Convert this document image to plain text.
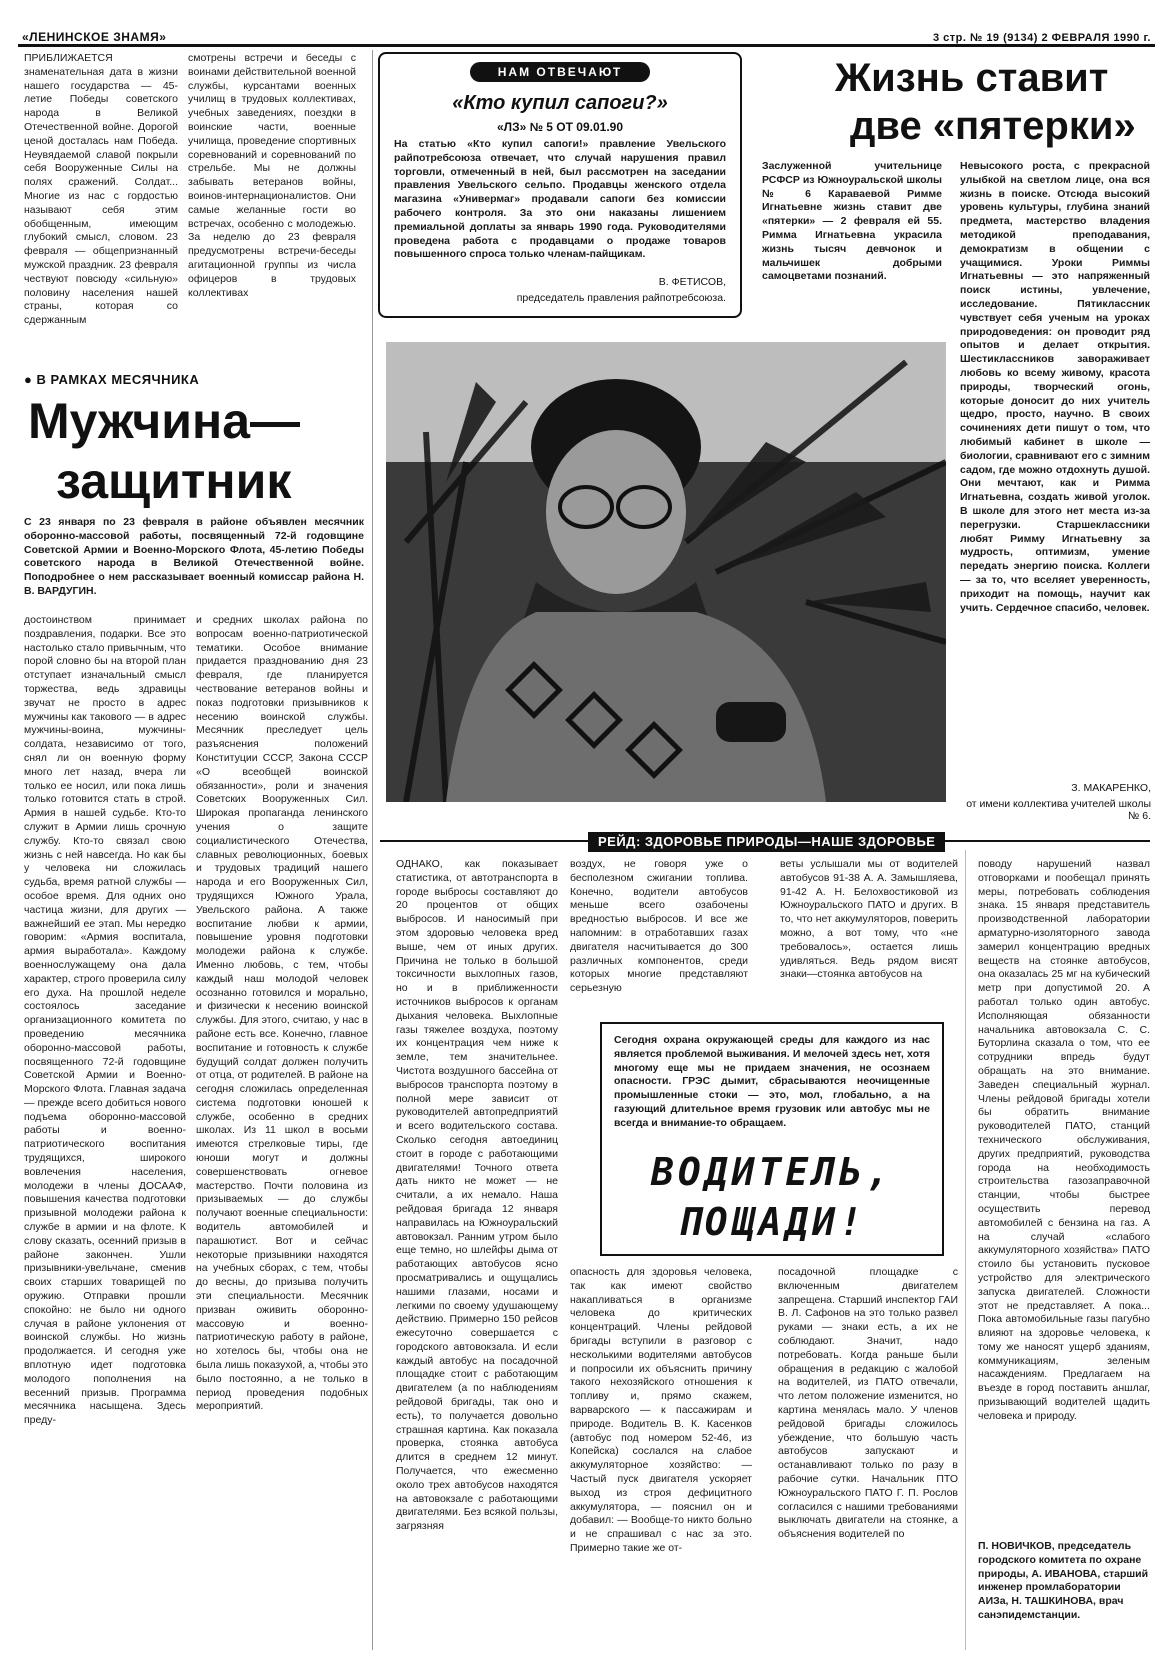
«ЛЕНИНСКОЕ ЗНАМЯ»	3 стр. № 19 (9134) 2 ФЕВРАЛЯ 1990 г.
ПРИБЛИЖАЕТСЯ знаменательная дата в жизни нашего государства — 45-летие Победы советского народа в Великой Отечественной войне. Дорогой ценой досталась нам Победа. Неувядаемой славой покрыли себя Вооруженные Силы на полях сражений. Солдат... Многие из нас с гордостью называют себя этим обобщенным, имеющим глубокий смысл, словом. 23 февраля — общепризнанный мужской праздник. 23 февраля чествуют повсюду «сильную» половину населения нашей страны, которая со сдержанным
смотрены встречи и беседы с воинами действительной военной службы, курсантами военных училищ в трудовых коллективах, учебных заведениях, поездки в воинские части, военные училища, проведение спортивных соревнований и соревнований по стрельбе. Мы не должны забывать ветеранов войны, воинов-интернационалистов. Они самые желанные гости во встречах, особенно с молодежью. За неделю до 23 февраля предусмотрены встречи-беседы агитационной группы из числа офицеров в трудовых коллективах
НАМ ОТВЕЧАЮТ
«Кто купил сапоги?»
«ЛЗ» № 5 ОТ 09.01.90
На статью «Кто купил сапоги!» правление Увельского райпотребсоюза отвечает, что случай нарушения правил торговли, отмеченный в ней, был рассмотрен на заседании правления Увельского сельпо. Продавцы женского отдела магазина «Универмаг» продавали сапоги без комиссии рабочего контроля. За это они наказаны лишением премиальной доплаты за январь 1990 года. Руководителями проведена работа с продавцами о продаже товаров повышенного спроса только членам-пайщикам.
В. ФЕТИСОВ,
председатель правления райпотребсоюза.
Жизнь ставит
две «пятерки»
Заслуженной учительнице РСФСР из Южноуральской школы № 6 Караваевой Римме Игнатьевне жизнь ставит две «пятерки» — 2 февраля ей 55. Римма Игнатьевна украсила жизнь тысяч девчонок и мальчишек добрыми самоцветами познаний.
Невысокого роста, с прекрасной улыбкой на светлом лице, она вся жизнь в поиске. Отсюда высокий уровень культуры, глубина знаний предмета, мастерство владения методикой преподавания, демократизм в общении с учащимися. Уроки Риммы Игнатьевны — это напряженный поиск истины, увлечение, исследование. Пятиклассник чувствует себя ученым на уроках природоведения: он проводит ряд опытов и делает открытия. Шестиклассников завораживает любовь ко всему живому, красота природы, творческий огонь, которые доносит до них учитель щедро, просто, научно. В своих сочинениях дети пишут о том, что любимый кабинет в школе — биологии, сравнивают его с зимним садом, где можно отдохнуть душой. Они мечтают, как и Римма Игнатьевна, создать живой уголок. В школе для этого нет места из-за перегрузки. Старшеклассники любят Римму Игнатьевну за мудрость, оптимизм, умение передать энергию поиска. Коллеги — за то, что вселяет уверенность, приходит на помощь, научит как учить. Сердечное спасибо, человек.
З. МАКАРЕНКО,
от имени коллектива учителей школы № 6.
● В РАМКАХ МЕСЯЧНИКА
Мужчина—
защитник
С 23 января по 23 февраля в районе объявлен месячник оборонно-массовой работы, посвященный 72-й годовщине Советской Армии и Военно-Морского Флота, 45-летию Победы советского народа в Великой Отечественной войне. Поподробнее о нем рассказывает военный комиссар района Н. В. ВАРДУГИН.
достоинством принимает поздравления, подарки. Все это настолько стало привычным, что порой словно бы на второй план отступает изначальный смысл торжества, ведь здравицы звучат не просто в адрес мужчины как такового — в адрес мужчины-воина, мужчины-солдата, независимо от того, снял ли он военную форму много лет назад, вчера ли только ее носил, или пока лишь только готовится стать в строй. Армия в нашей судьбе. Кто-то служит в Армии лишь срочную службу. Кто-то связал свою жизнь с ней навсегда. Но как бы у человека ни сложилась судьба, время ратной службы — особое время. Для одних оно частица жизни, для других — важнейший ее этап. Мы нередко говорим: «Армия воспитала, армия выработала». Каждому военнослужащему она дала характер, строго проверила силу его духа. На прошлой неделе состоялось заседание организационного комитета по проведению месячника оборонно-массовой работы, посвященного 72-й годовщине Советской Армии и Военно-Морского Флота. Главная задача — прежде всего добиться нового подъема оборонно-массовой работы и военно-патриотического воспитания трудящихся, широкого вовлечения населения, молодежи в члены ДОСААФ, повышения качества подготовки призывной молодежи района к службе в армии и на флоте. К слову сказать, осенний призыв в районе закончен. Ушли призывники-увельчане, сменив своих старших товарищей по оружию. Отправки прошли спокойно: не было ни одного случая в районе уклонения от воинской службы. Но жизнь продолжается. И сегодня уже вплотную идет подготовка молодого пополнения на весенний призыв. Программа месячника насыщена. Здесь преду-
и средних школах района по вопросам военно-патриотической тематики. Особое внимание придается празднованию дня 23 февраля, где планируется чествование ветеранов войны и показ подготовки призывников к несению воинской службы. Месячник преследует цель разъяснения положений Конституции СССР, Закона СССР «О всеобщей воинской обязанности», роли и значения Советских Вооруженных Сил. Широкая пропаганда ленинского учения о защите социалистического Отечества, славных революционных, боевых и трудовых традиций нашего народа и его Вооруженных Сил, трудящихся Южного Урала, Увельского района. А также воспитание любви к армии, повышение уровня подготовки молодежи района к службе. Именно любовь, с тем, чтобы каждый наш молодой человек осознанно готовился и морально, и физически к несению воинской службы. Для этого, считаю, у нас в районе есть все. Конечно, главное воспитание и готовность к службе будущий солдат должен получить от отца, от родителей. В районе на сегодня сложилась определенная система подготовки юношей к службе, особенно в средних школах. Из 11 школ в восьми имеются стрелковые тиры, где юноши могут и должны совершенствовать огневое мастерство. Почти половина из призываемых — до службы получают военные специальности: водитель автомобилей и парашютист. Вот и сейчас некоторые призывники находятся на учебных сборах, с тем, чтобы до весны, до призыва получить эти специальности. Месячник призван оживить оборонно-массовую и военно-патриотическую работу в районе, но хотелось бы, чтобы она не была лишь показухой, а, чтобы это было постоянно, а не только в период проведения подобных мероприятий.
РЕЙД: ЗДОРОВЬЕ ПРИРОДЫ—НАШЕ ЗДОРОВЬЕ
ОДНАКО, как показывает статистика, от автотранспорта в городе выбросы составляют до 20 процентов от общих выбросов. И наносимый при этом здоровью человека вред выше, чем от иных других. Причина не только в большой токсичности выхлопных газов, но и в приближенности источников выбросов к органам дыхания человека. Выхлопные газы тяжелее воздуха, поэтому их концентрация чем ниже к земле, тем значительнее. Чистота воздушного бассейна от выбросов транспорта поэтому в полной мере зависит от руководителей автопредприятий и всего водительского состава. Сколько сегодня автоединиц стоит в городе с работающими двигателями! Точного ответа дать никто не может — не считали, а их немало. Наша рейдовая бригада 12 января направилась на Южноуральский автовокзал. Ранним утром было еще темно, но шлейфы дыма от работающих автобусов ясно просматривались и ощущались нашими глазами, носами и легкими по своему удушающему действию. Примерно 150 рейсов ежесуточно совершается с городского автовокзала. И если каждый автобус на посадочной площадке стоит с работающим двигателем (а по наблюдениям рейдовой бригады, так оно и есть), то получается довольно страшная картина. Как показала проверка, стоянка автобуса длится в среднем 12 минут. Получается, что ежесменно около трех автобусов находятся на автовокзале с работающими двигателями. Без всякой пользы, загрязняя
воздух, не говоря уже о бесполезном сжигании топлива. Конечно, водители автобусов меньше всего озабочены вредностью выбросов. И все же напомним: в отработавших газах двигателя насчитывается до 300 различных компонентов, среди которых многие представляют серьезную
веты услышали мы от водителей автобусов 91-38 А. А. Замышляева, 91-42 А. Н. Белохвостиковой из Южноуральского ПАТО и других. В то, что нет аккумуляторов, поверить можно, а вот тому, что «не требовалось», остается лишь удивляться. Ведь рядом висят знаки—стоянка автобусов на
поводу нарушений назвал отговорками и пообещал принять меры, потребовать соблюдения знака. 15 января представитель производственной лаборатории арматурно-изоляторного завода замерил концентрацию вредных веществ на стоянке автобусов, она оказалась 25 мг на кубический метр при допустимой 20. А работал только один автобус. Исполняющая обязанности начальника автовокзала С. С. Буторлина сказала о том, что ее сотрудники впредь будут обращать на это внимание. Заведен специальный журнал. Члены рейдовой бригады хотели бы обратить внимание руководителей ПАТО, станций технического обслуживания, других предприятий, руководства города на необходимость строительства газозаправочной станции, чтобы быстрее осуществить перевод автомобилей с бензина на газ. А на случай «слабого аккумуляторного хозяйства» ПАТО стоило бы установить пусковое устройство для электрического запуска двигателей. Сложности этот не представляет. А пока... Пока автомобильные газы пагубно влияют на здоровье человека, к тому же наносят ущерб зданиям, коммуникациям, зеленым насаждениям. Предлагаем на въезде в город поставить аншлаг, призывающий водителей щадить человека и природу.
Сегодня охрана окружающей среды для каждого из нас является проблемой выживания. И мелочей здесь нет, хотя многому еще мы не придаем значения, не осознаем опасности. ГРЭС дымит, сбрасываются неочищенные промышленные стоки — это, мол, глобально, а на газующий длительное время грузовик или автобус мы не всегда и внимание-то обращаем.
ВОДИТЕЛЬ,
ПОЩАДИ!
опасность для здоровья человека, так как имеют свойство накапливаться в организме человека до критических концентраций. Члены рейдовой бригады вступили в разговор с несколькими водителями автобусов и попросили их объяснить причину такого нехозяйского отношения к топливу и, прямо скажем, варварского — к пассажирам и природе. Водитель В. К. Касенков (автобус под номером 52-46, из Копейска) сослался на слабое аккумуляторное хозяйство: — Частый пуск двигателя ускоряет выход из строя дефицитного аккумулятора, — пояснил он и добавил: — Вообще-то никто больно и не спрашивал с нас за это. Примерно такие же от-
посадочной площадке с включенным двигателем запрещена. Старший инспектор ГАИ В. Л. Сафонов на это только развел руками — знаки есть, а их не соблюдают. Значит, надо потребовать. Когда раньше были обращения в редакцию с жалобой на водителей, из ПАТО отвечали, что летом положение изменится, но картина менялась мало. У членов рейдовой бригады сложилось убеждение, что большую часть автобусов запускают и останавливают только по разу в рабочие сутки. Начальник ПТО Южноуральского ПАТО Г. П. Рослов согласился с нашими требованиями выключать двигатели на стоянке, а объяснения водителей по
П. НОВИЧКОВ, председатель городского комитета по охране природы, А. ИВАНОВА, старший инженер промлаборатории АИЗа, Н. ТАШКИНОВА, врач санэпидемстанции.
